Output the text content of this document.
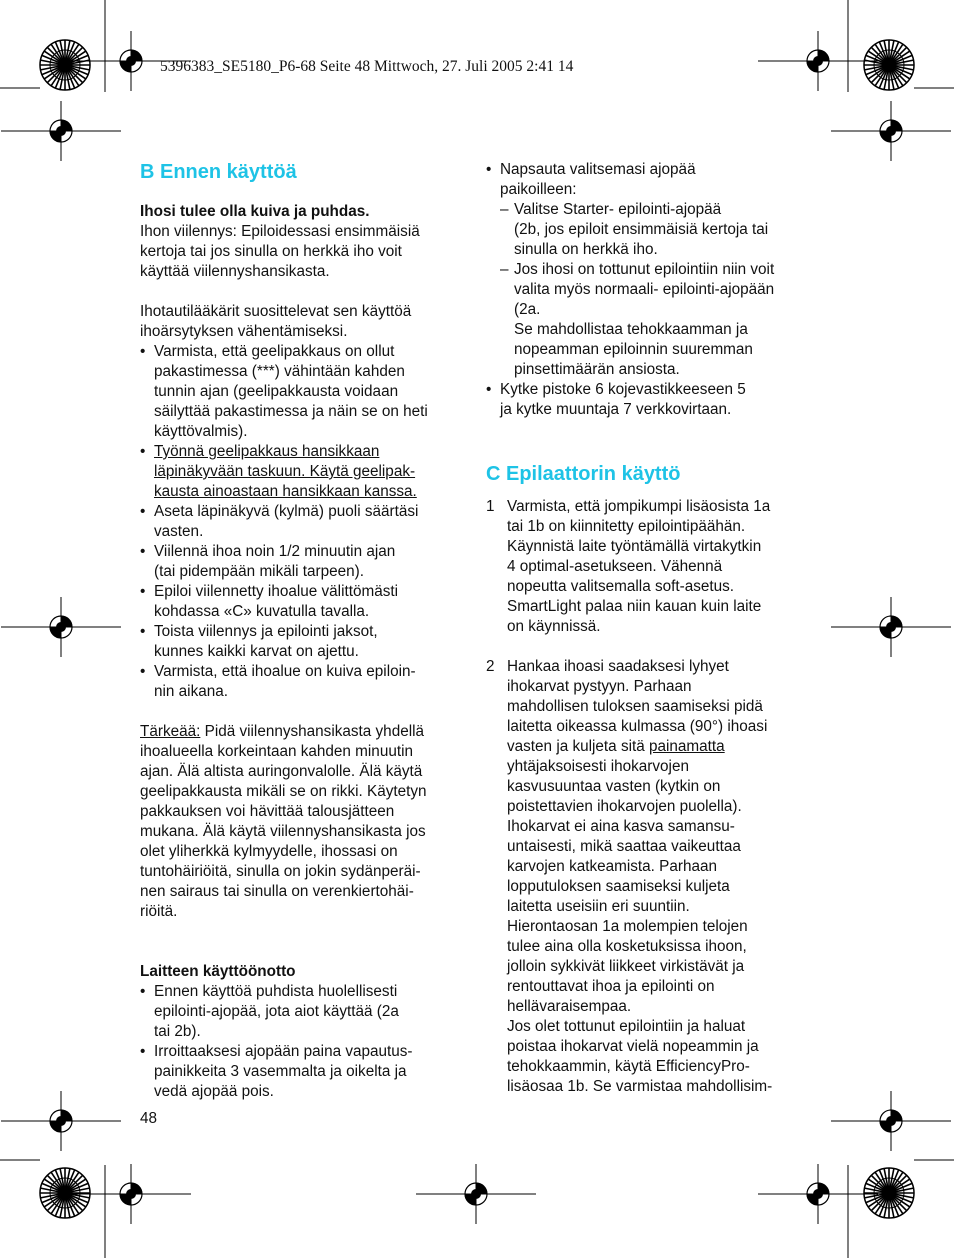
5396383_SE5180_P6-68 Seite 48 Mittwoch, 27. Juli 2005 2:41 14
B Ennen käyttöä

Ihosi tulee olla kuiva ja puhdas.

Ihon viilennys: Epiloidessasi ensimmäisiä

kertoja tai jos sinulla on herkkä iho voit

käyttää viilennyshansikasta.

Ihotautilääkärit suosittelevat sen käyttöä

ihoärsytyksen vähentämiseksi.

• Varmista, että geelipakkaus on ollut

pakastimessa (***) vähintään kahden

tunnin ajan (geelipakkausta voidaan

säilyttää pakastimessa ja näin se on heti

käyttövalmis).

• Työnnä geelipakkaus hansikkaan

läpinäkyvään taskuun. Käytä geelipak-

kausta ainoastaan hansikkaan kanssa.

• Aseta läpinäkyvä (kylmä) puoli säärtäsi

vasten.

• Viilennä ihoa noin 1/2 minuutin ajan

(tai pidempään mikäli tarpeen).

• Epiloi viilennetty ihoalue välittömästi

kohdassa «C» kuvatulla tavalla.

• Toista viilennys ja epilointi jaksot,

kunnes kaikki karvat on ajettu.

• Varmista, että ihoalue on kuiva epiloin-

nin aikana.

Tärkeää: Pidä viilennyshansikasta yhdellä

ihoalueella korkeintaan kahden minuutin

ajan. Älä altista auringonvalolle. Älä käytä

geelipakkausta mikäli se on rikki. Käytetyn

pakkauksen voi hävittää talousjätteen

mukana. Älä käytä viilennyshansikasta jos

olet yliherkkä kylmyydelle, ihossasi on

tuntohäiriöitä, sinulla on jokin sydänperäi-

nen sairaus tai sinulla on verenkiertohäi-

riöitä.

Laitteen käyttöönotto

• Ennen käyttöä puhdista huolellisesti

epilointi-ajopää, jota aiot käyttää (2a

tai 2b).

• Irroittaaksesi ajopään paina vapautus-

painikkeita 3 vasemmalta ja oikelta ja

vedä ajopää pois.

48
• Napsauta valitsemasi ajopää

paikoilleen:

– Valitse Starter- epilointi-ajopää

(2b, jos epiloit ensimmäisiä kertoja tai

sinulla on herkkä iho.

– Jos ihosi on tottunut epilointiin niin voit

valita myös normaali- epilointi-ajopään

(2a.

Se mahdollistaa tehokkaamman ja

nopeamman epiloinnin suuremman

pinsettimäärän ansiosta.

• Kytke pistoke 6 kojevastikkeeseen 5

ja kytke muuntaja 7 verkkovirtaan.

C Epilaattorin käyttö
1 Varmista, että jompikumpi lisäosista 1a

tai 1b on kiinnitetty epilointipäähän.

Käynnistä laite työntämällä virtakytkin

4 optimal-asetukseen. Vähennä

nopeutta valitsemalla soft-asetus.

SmartLight palaa niin kauan kuin laite

on käynnissä.

2 Hankaa ihoasi saadaksesi lyhyet

ihokarvat pystyyn. Parhaan

mahdollisen tuloksen saamiseksi pidä

laitetta oikeassa kulmassa (90°) ihoasi

vasten ja kuljeta sitä painamatta

yhtäjaksoisesti ihokarvojen

kasvusuuntaa vasten (kytkin on

poistettavien ihokarvojen puolella).

Ihokarvat ei aina kasva samansu-

untaisesti, mikä saattaa vaikeuttaa

karvojen katkeamista. Parhaan

lopputuloksen saamiseksi kuljeta

laitetta useisiin eri suuntiin.

Hierontaosan 1a molempien telojen

tulee aina olla kosketuksissa ihoon,

jolloin sykkivät liikkeet virkistävät ja

rentouttavat ihoa ja epilointi on

hellävaraisempaa.

Jos olet tottunut epilointiin ja haluat

poistaa ihokarvat vielä nopeammin ja

tehokkaammin, käytä EfficiencyPro-

lisäosaa 1b. Se varmistaa mahdollisim-
